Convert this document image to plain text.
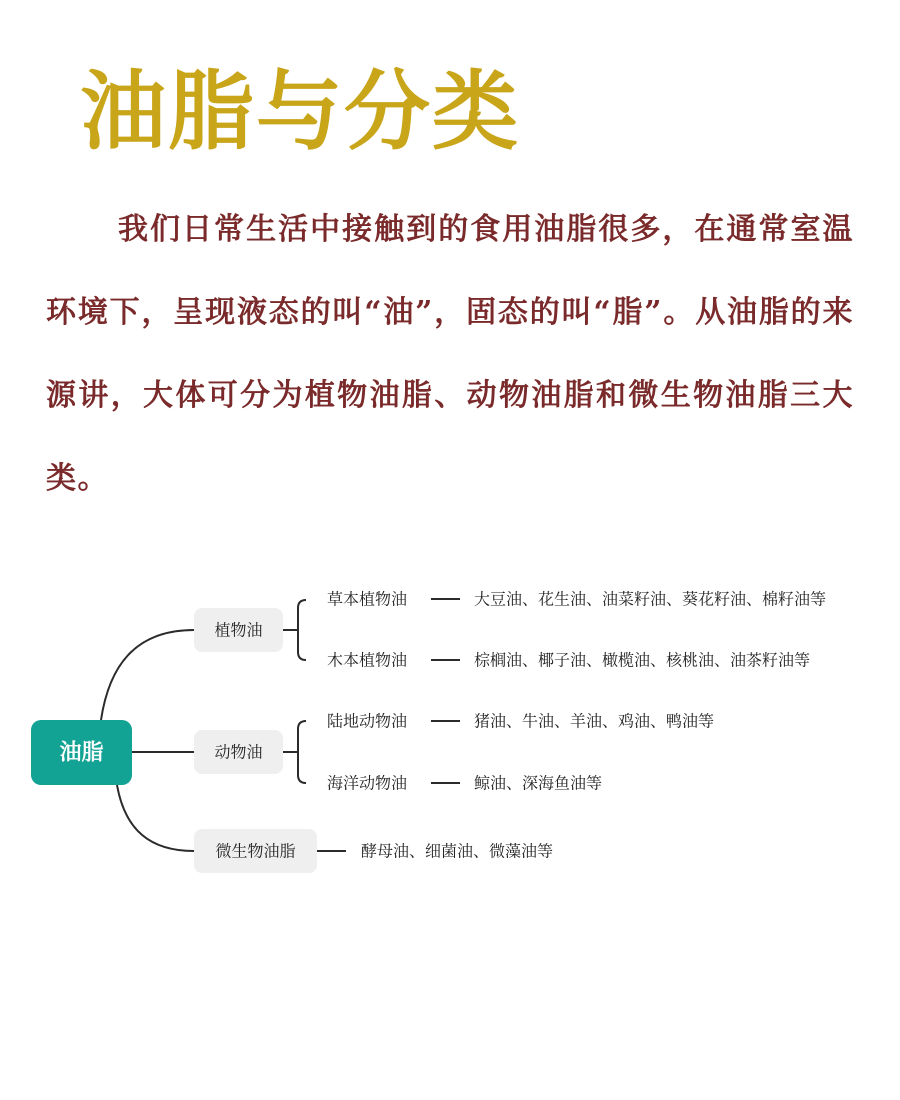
油脂与分类

我们日常生活中接触到的食用油脂很多，在通常室温环境下，呈现液态的叫“油”，固态的叫“脂”。从油脂的来源讲，大体可分为植物油脂、动物油脂和微生物油脂三大类。

油脂
植物油
动物油
微生物油脂
草本植物油
木本植物油
陆地动物油
海洋动物油
大豆油、花生油、油菜籽油、葵花籽油、棉籽油等
棕榈油、椰子油、橄榄油、核桃油、油茶籽油等
猪油、牛油、羊油、鸡油、鸭油等
鲸油、深海鱼油等
酵母油、细菌油、微藻油等
